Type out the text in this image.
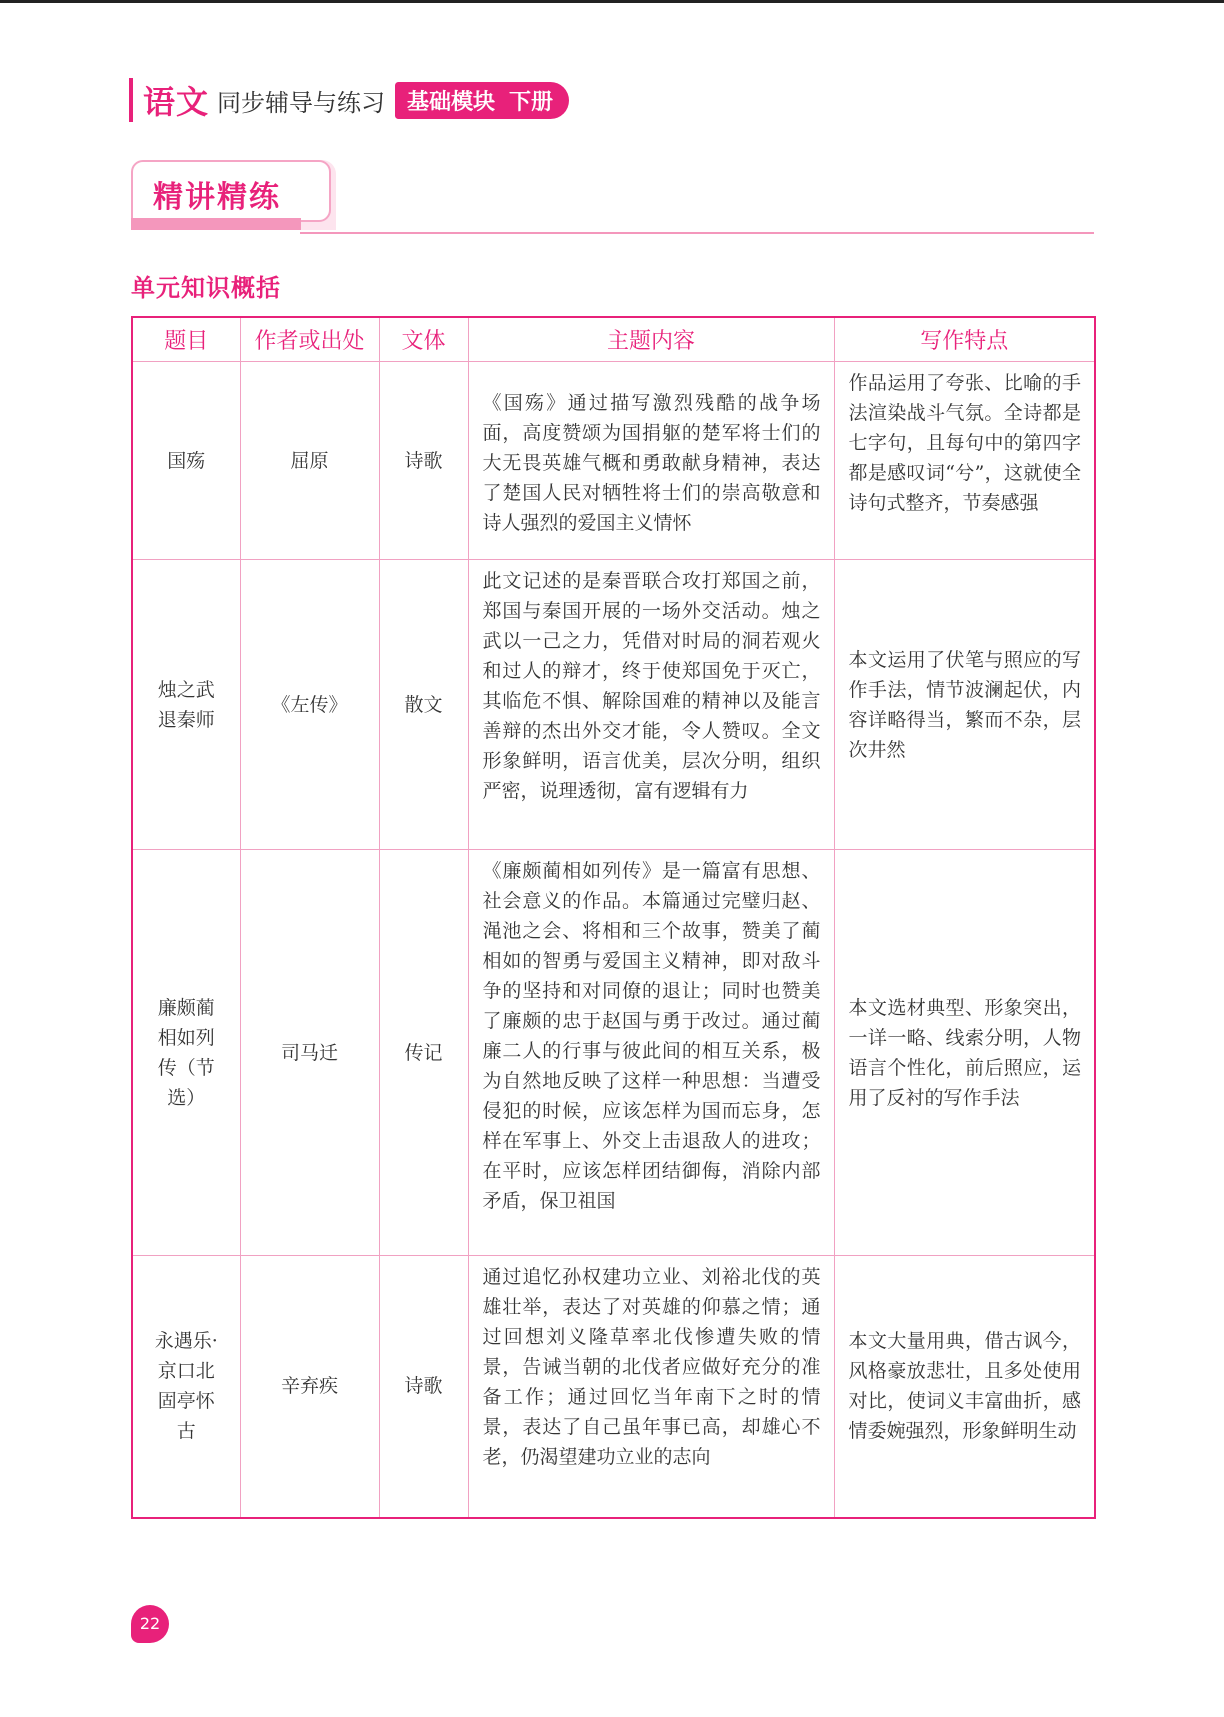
语文 同步辅导与练习 基础模块 下册
精讲精练
单元知识概括
题目	作者或出处	文体	主题内容	写作特点
国殇	屈原	诗歌	《国殇》通过描写激烈残酷的战争场面，高度赞颂为国捐躯的楚军将士们的大无畏英雄气概和勇敢献身精神，表达了楚国人民对牺牲将士们的崇高敬意和诗人强烈的爱国主义情怀	作品运用了夸张、比喻的手法渲染战斗气氛。全诗都是七字句，且每句中的第四字都是感叹词“兮”，这就使全诗句式整齐，节奏感强
烛之武退秦师	《左传》	散文	此文记述的是秦晋联合攻打郑国之前，郑国与秦国开展的一场外交活动。烛之武以一己之力，凭借对时局的洞若观火和过人的辩才，终于使郑国免于灭亡，其临危不惧、解除国难的精神以及能言善辩的杰出外交才能，令人赞叹。全文形象鲜明，语言优美，层次分明，组织严密，说理透彻，富有逻辑有力	本文运用了伏笔与照应的写作手法，情节波澜起伏，内容详略得当，繁而不杂，层次井然
廉颇蔺相如列传（节选）	司马迁	传记	《廉颇蔺相如列传》是一篇富有思想、社会意义的作品。本篇通过完璧归赵、渑池之会、将相和三个故事，赞美了蔺相如的智勇与爱国主义精神，即对敌斗争的坚持和对同僚的退让；同时也赞美了廉颇的忠于赵国与勇于改过。通过蔺廉二人的行事与彼此间的相互关系，极为自然地反映了这样一种思想：当遭受侵犯的时候，应该怎样为国而忘身，怎样在军事上、外交上击退敌人的进攻；在平时，应该怎样团结御侮，消除内部矛盾，保卫祖国	本文选材典型、形象突出，一详一略、线索分明，人物语言个性化，前后照应，运用了反衬的写作手法
永遇乐·京口北固亭怀古	辛弃疾	诗歌	通过追忆孙权建功立业、刘裕北伐的英雄壮举，表达了对英雄的仰慕之情；通过回想刘义隆草率北伐惨遭失败的情景，告诫当朝的北伐者应做好充分的准备工作；通过回忆当年南下之时的情景，表达了自己虽年事已高，却雄心不老，仍渴望建功立业的志向	本文大量用典，借古讽今，风格豪放悲壮，且多处使用对比，使词义丰富曲折，感情委婉强烈，形象鲜明生动
22
